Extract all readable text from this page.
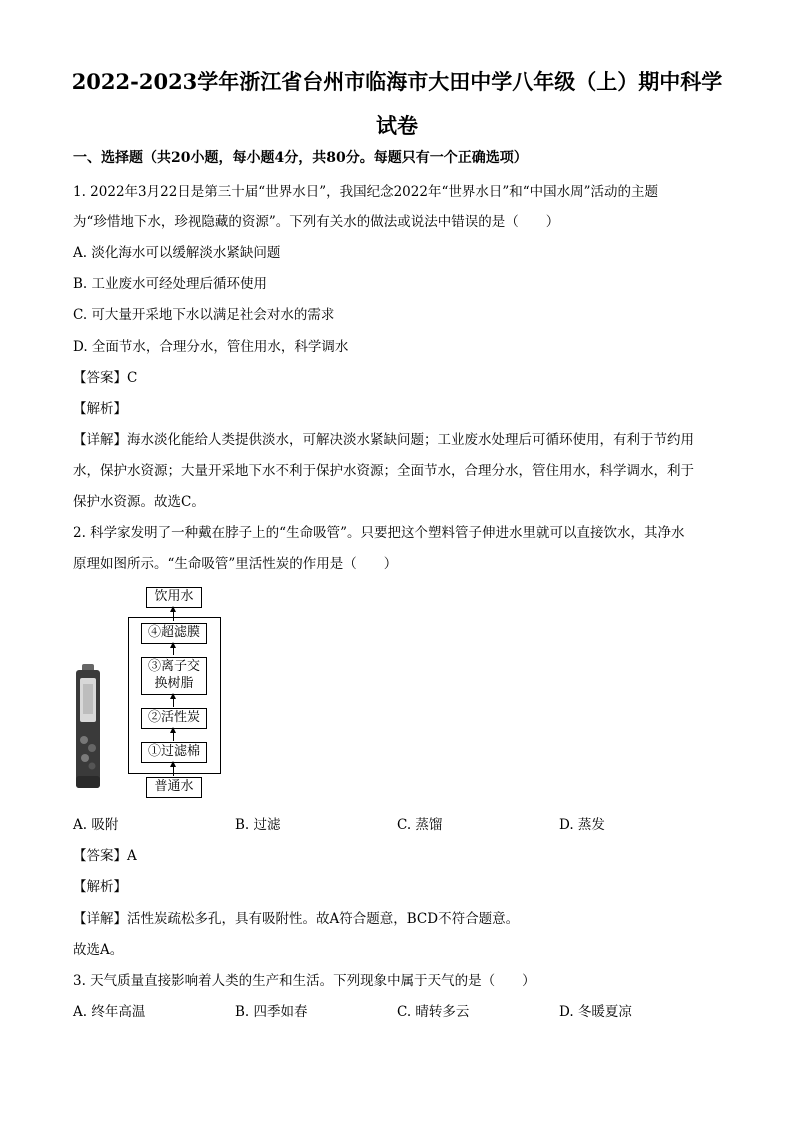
2022-2023学年浙江省台州市临海市大田中学八年级（上）期中科学
试卷
一、选择题（共20小题，每小题4分，共80分。每题只有一个正确选项）
1. 2022年3月22日是第三十届“世界水日”，我国纪念2022年“世界水日”和“中国水周”活动的主题
为“珍惜地下水，珍视隐藏的资源”。下列有关水的做法或说法中错误的是（　　）
A. 淡化海水可以缓解淡水紧缺问题
B. 工业废水可经处理后循环使用
C. 可大量开采地下水以满足社会对水的需求
D. 全面节水，合理分水，管住用水，科学调水
【答案】C
【解析】
【详解】海水淡化能给人类提供淡水，可解决淡水紧缺问题；工业废水处理后可循环使用，有利于节约用
水，保护水资源；大量开采地下水不利于保护水资源；全面节水，合理分水，管住用水，科学调水，利于
保护水资源。故选C。
2. 科学家发明了一种戴在脖子上的“生命吸管”。只要把这个塑料管子伸进水里就可以直接饮水，其净水
原理如图所示。“生命吸管”里活性炭的作用是（　　）
饮用水
④超滤膜
③离子交
换树脂
②活性炭
①过滤棉
普通水
A. 吸附	B. 过滤	C. 蒸馏	D. 蒸发
【答案】A
【解析】
【详解】活性炭疏松多孔，具有吸附性。故A符合题意，BCD不符合题意。
故选A。
3. 天气质量直接影响着人类的生产和生活。下列现象中属于天气的是（　　）
A. 终年高温	B. 四季如春	C. 晴转多云	D. 冬暖夏凉
